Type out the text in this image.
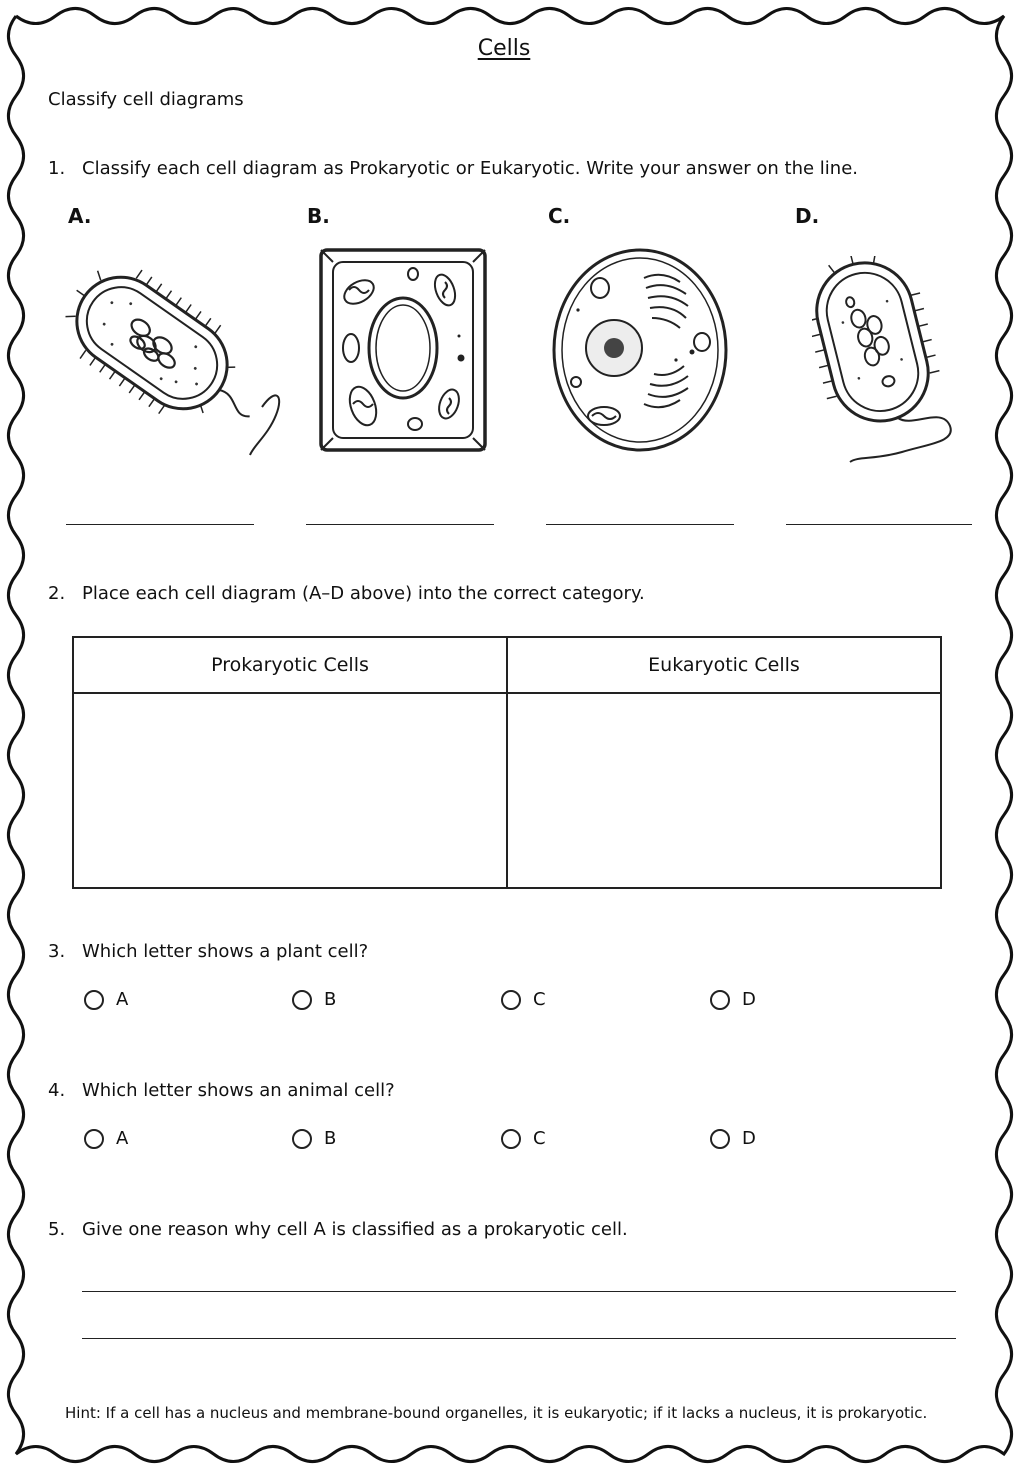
Cells
Classify cell diagrams
1. Classify each cell diagram as Prokaryotic or Eukaryotic. Write your answer on the line.
A.	B.	C.	D.
2. Place each cell diagram (A–D above) into the correct category.
Prokaryotic Cells	Eukaryotic Cells

3. Which letter shows a plant cell?
A	B	C	D
4. Which letter shows an animal cell?
A	B	C	D
5. Give one reason why cell A is classified as a prokaryotic cell.
Hint: If a cell has a nucleus and membrane-bound organelles, it is eukaryotic; if it lacks a nucleus, it is prokaryotic.
